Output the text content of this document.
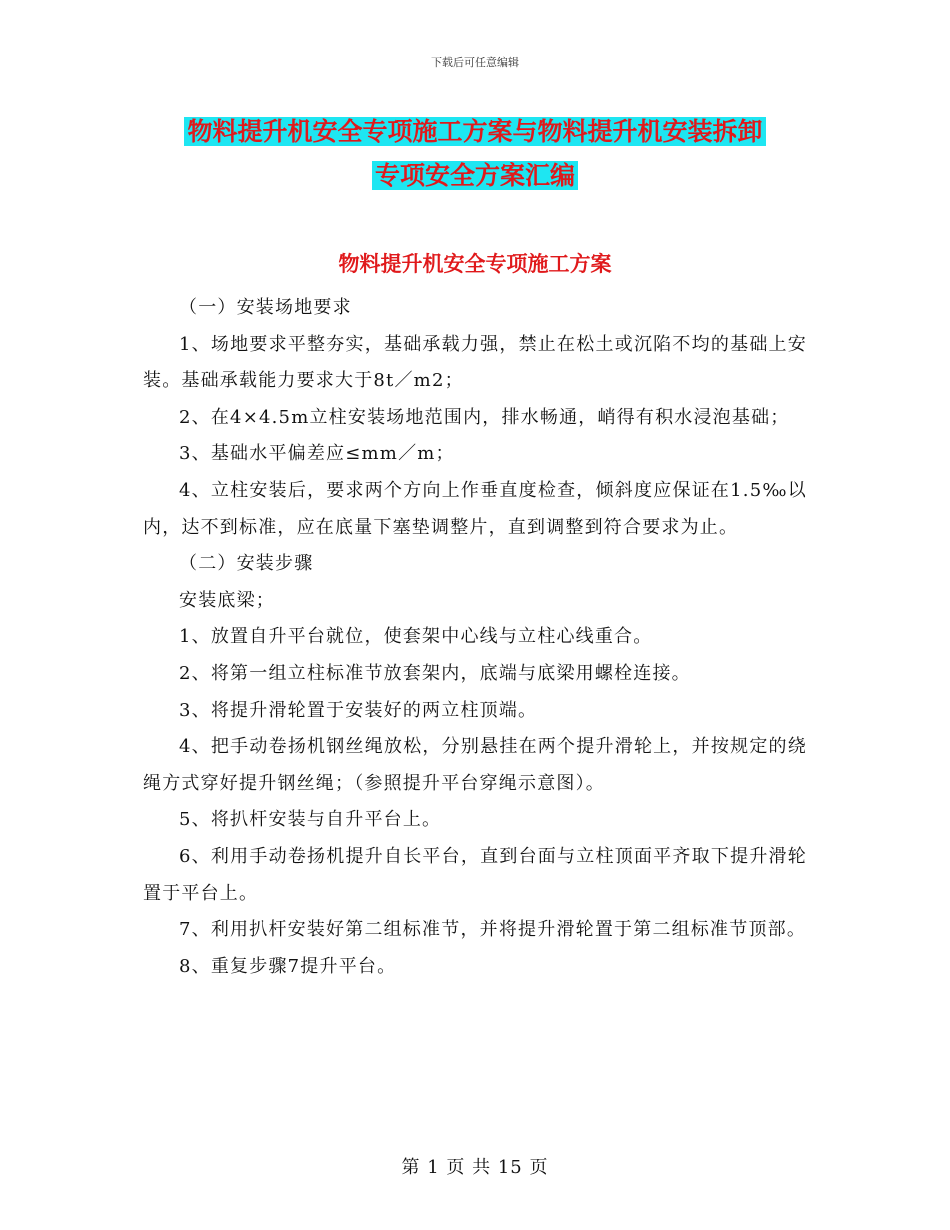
下载后可任意编辑
物料提升机安全专项施工方案与物料提升机安装拆卸
专项安全方案汇编
物料提升机安全专项施工方案

（一）安装场地要求

1、场地要求平整夯实，基础承载力强，禁止在松土或沉陷不均的基础上安装。基础承载能力要求大于8t／m2；

2、在4×4.5m立柱安装场地范围内，排水畅通，峭得有积水浸泡基础；

3、基础水平偏差应≤mm／m；

4、立柱安装后，要求两个方向上作垂直度检查，倾斜度应保证在1.5‰以内，达不到标准，应在底量下塞垫调整片，直到调整到符合要求为止。

（二）安装步骤

安装底梁；

1、放置自升平台就位，使套架中心线与立柱心线重合。

2、将第一组立柱标准节放套架内，底端与底梁用螺栓连接。

3、将提升滑轮置于安装好的两立柱顶端。

4、把手动卷扬机钢丝绳放松，分别悬挂在两个提升滑轮上，并按规定的绕绳方式穿好提升钢丝绳；（参照提升平台穿绳示意图）。

5、将扒杆安装与自升平台上。

6、利用手动卷扬机提升自长平台，直到台面与立柱顶面平齐取下提升滑轮置于平台上。

7、利用扒杆安装好第二组标准节，并将提升滑轮置于第二组标准节顶部。

8、重复步骤7提升平台。

第 1 页 共 15 页
